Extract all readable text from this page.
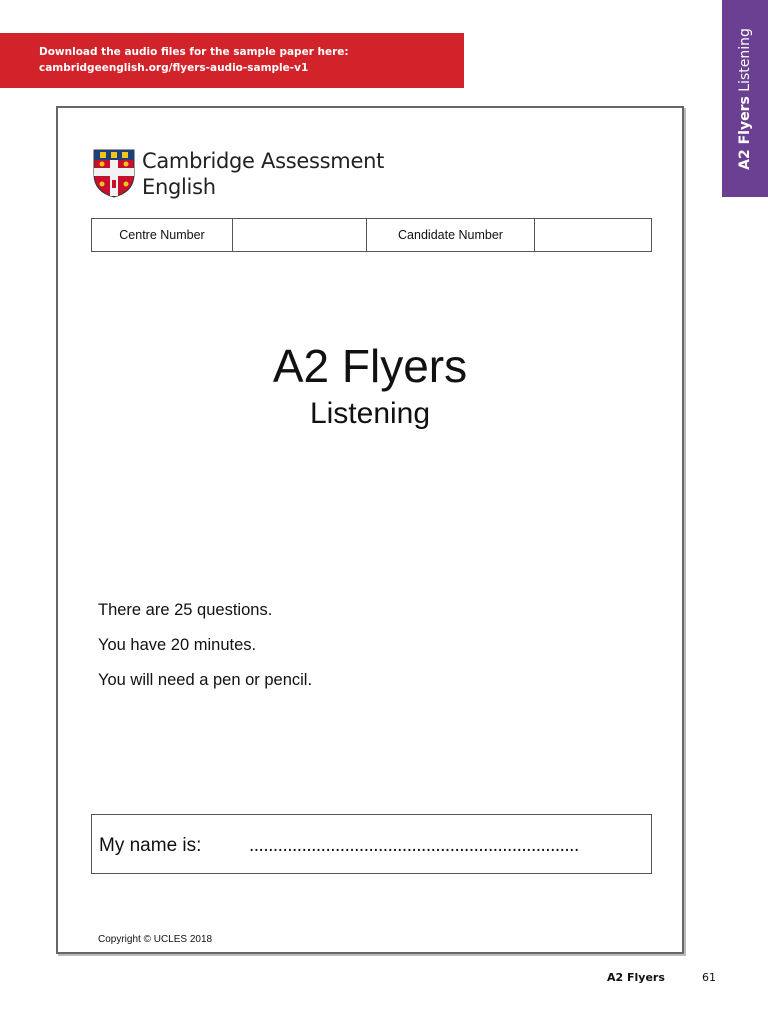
Download the audio files for the sample paper here:
cambridgeenglish.org/flyers-audio-sample-v1
A2 Flyers Listening
Cambridge Assessment
English
Centre Number		Candidate Number	
A2 Flyers
Listening
There are 25 questions.
You have 20 minutes.
You will need a pen or pencil.
My name is:	.....................................................................
Copyright © UCLES 2018
A2 Flyers	61
